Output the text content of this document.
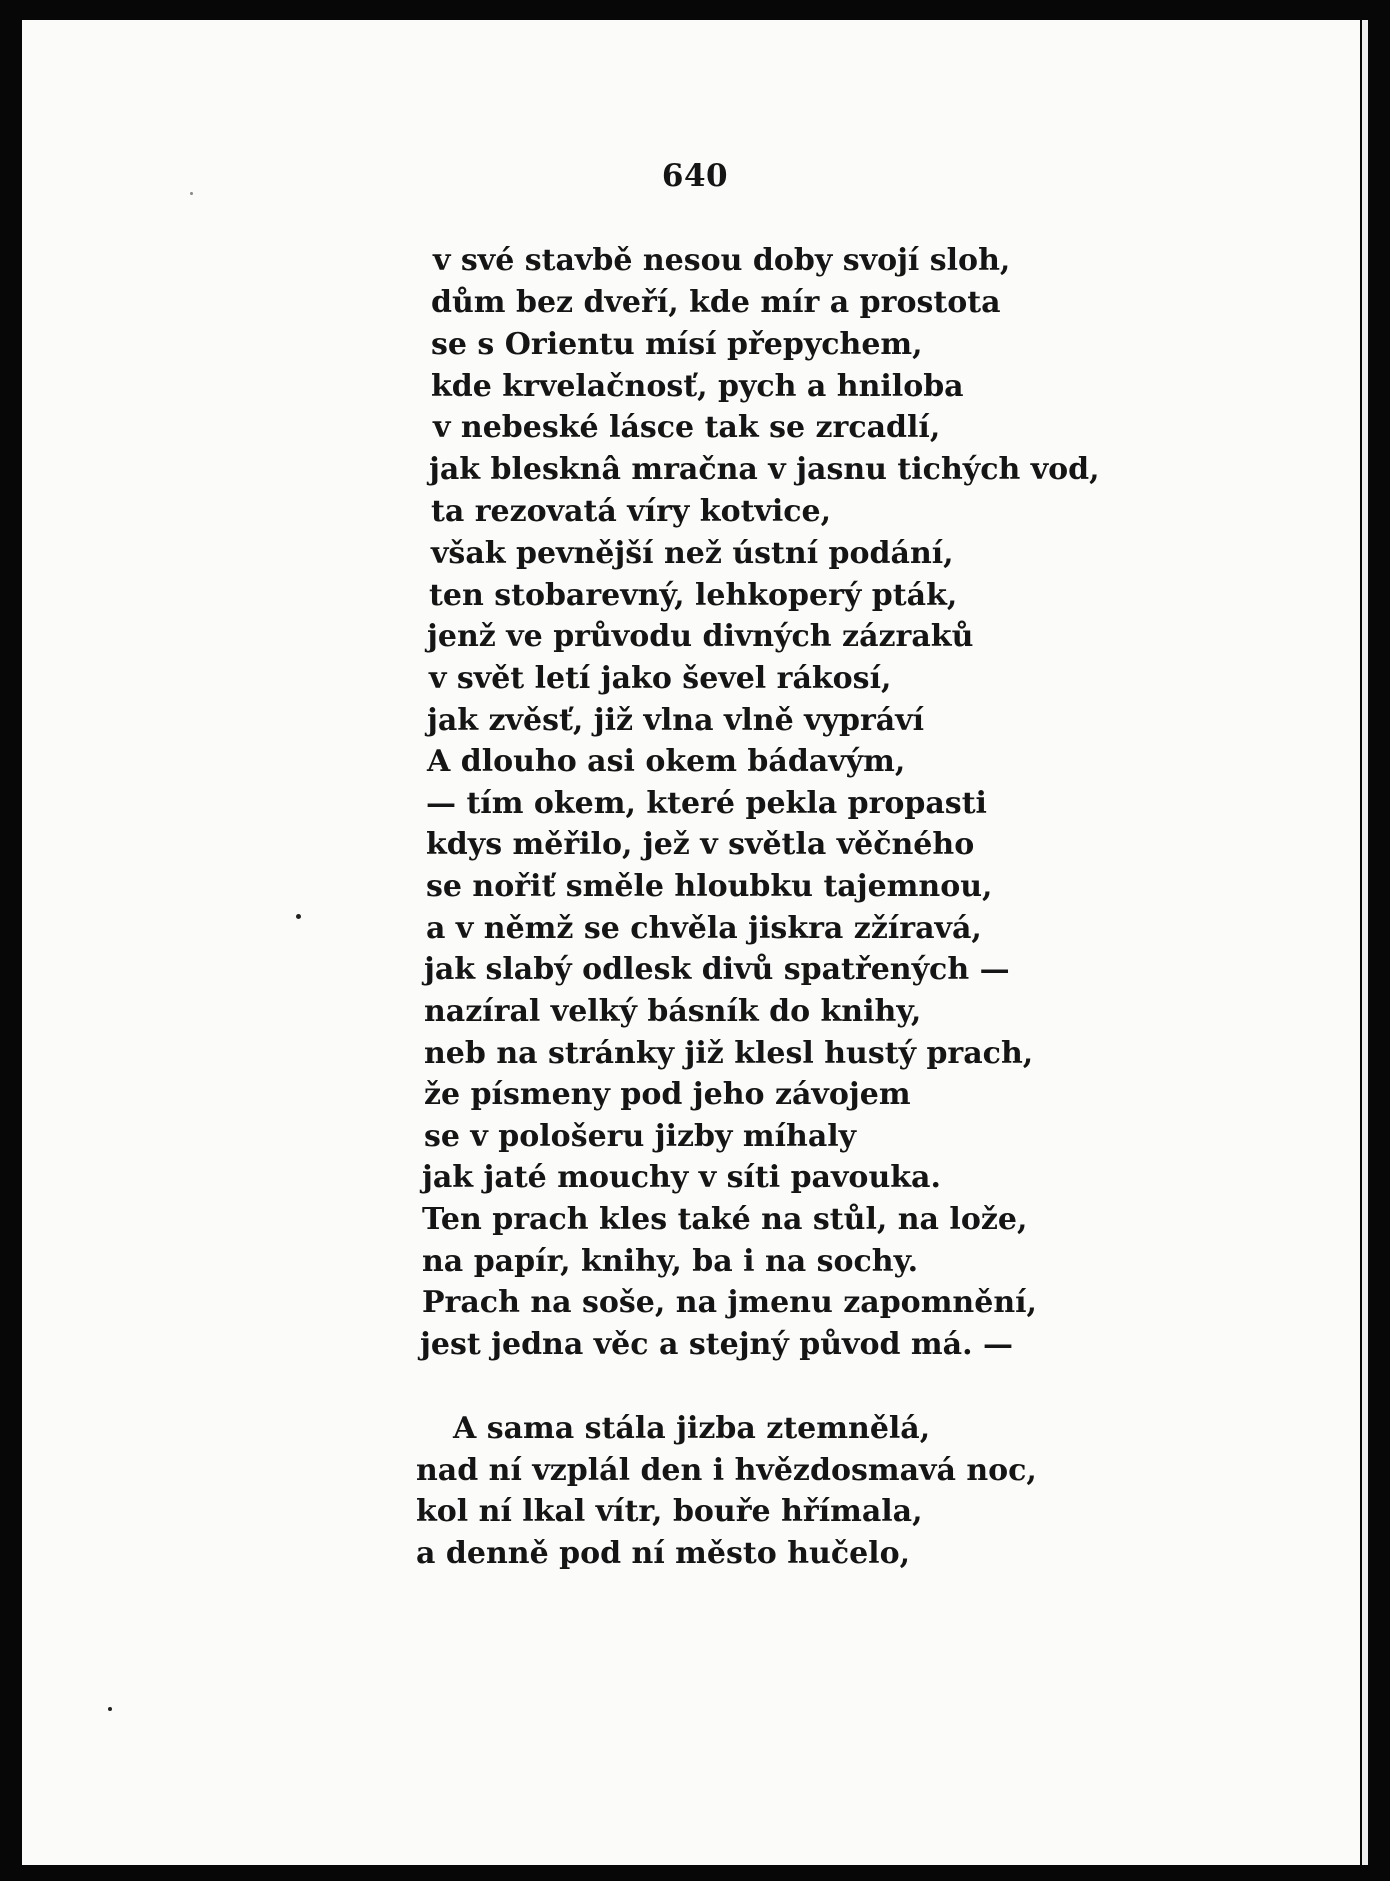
640
v své stavbě nesou doby svojí sloh,
dům bez dveří, kde mír a prostota
se s Orientu mísí přepychem,
kde krvelačnosť, pych a hniloba
v nebeské lásce tak se zrcadlí,
jak blesknâ mračna v jasnu tichých vod,
ta rezovatá víry kotvice,
však pevnější než ústní podání,
ten stobarevný, lehkoperý pták,
jenž ve průvodu divných zázraků
v svět letí jako ševel rákosí,
jak zvěsť, již vlna vlně vypráví
A dlouho asi okem bádavým,
— tím okem, které pekla propasti
kdys měřilo, jež v světla věčného
se nořiť směle hloubku tajemnou,
a v němž se chvěla jiskra zžíravá,
jak slabý odlesk divů spatřených —
nazíral velký básník do knihy,
neb na stránky již klesl hustý prach,
že písmeny pod jeho závojem
se v pološeru jizby míhaly
jak jaté mouchy v síti pavouka.
Ten prach kles také na stůl, na lože,
na papír, knihy, ba i na sochy.
Prach na soše, na jmenu zapomnění,
jest jedna věc a stejný původ má. —
A sama stála jizba ztemnělá,
nad ní vzplál den i hvězdosmavá noc,
kol ní lkal vítr, bouře hřímala,
a denně pod ní město hučelo,
